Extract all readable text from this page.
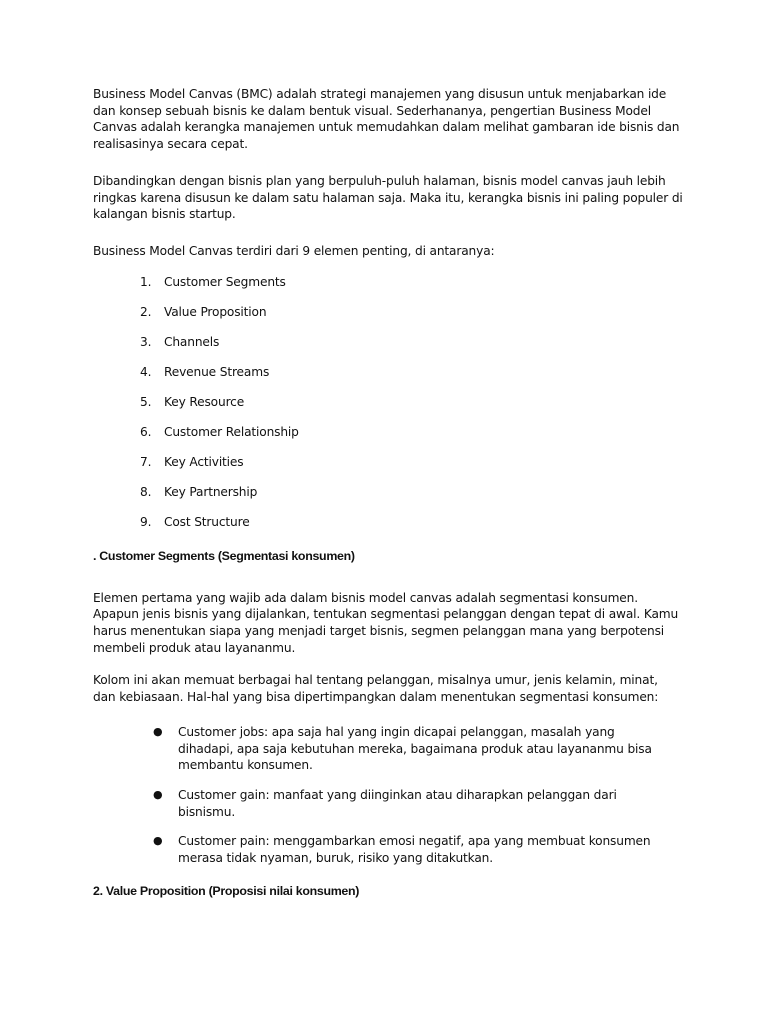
Business Model Canvas (BMC) adalah strategi manajemen yang disusun untuk menjabarkan ide dan konsep sebuah bisnis ke dalam bentuk visual. Sederhananya, pengertian Business Model Canvas adalah kerangka manajemen untuk memudahkan dalam melihat gambaran ide bisnis dan realisasinya secara cepat.

Dibandingkan dengan bisnis plan yang berpuluh-puluh halaman, bisnis model canvas jauh lebih ringkas karena disusun ke dalam satu halaman saja. Maka itu, kerangka bisnis ini paling populer di kalangan bisnis startup.

Business Model Canvas terdiri dari 9 elemen penting, di antaranya:

1. Customer Segments
2. Value Proposition
3. Channels
4. Revenue Streams
5. Key Resource
6. Customer Relationship
7. Key Activities
8. Key Partnership
9. Cost Structure

. Customer Segments (Segmentasi konsumen)

Elemen pertama yang wajib ada dalam bisnis model canvas adalah segmentasi konsumen. Apapun jenis bisnis yang dijalankan, tentukan segmentasi pelanggan dengan tepat di awal. Kamu harus menentukan siapa yang menjadi target bisnis, segmen pelanggan mana yang berpotensi membeli produk atau layananmu.

Kolom ini akan memuat berbagai hal tentang pelanggan, misalnya umur, jenis kelamin, minat, dan kebiasaan. Hal-hal yang bisa dipertimpangkan dalam menentukan segmentasi konsumen:

● Customer jobs: apa saja hal yang ingin dicapai pelanggan, masalah yang dihadapi, apa saja kebutuhan mereka, bagaimana produk atau layananmu bisa membantu konsumen.
● Customer gain: manfaat yang diinginkan atau diharapkan pelanggan dari bisnismu.
● Customer pain: menggambarkan emosi negatif, apa yang membuat konsumen merasa tidak nyaman, buruk, risiko yang ditakutkan.

2. Value Proposition (Proposisi nilai konsumen)
